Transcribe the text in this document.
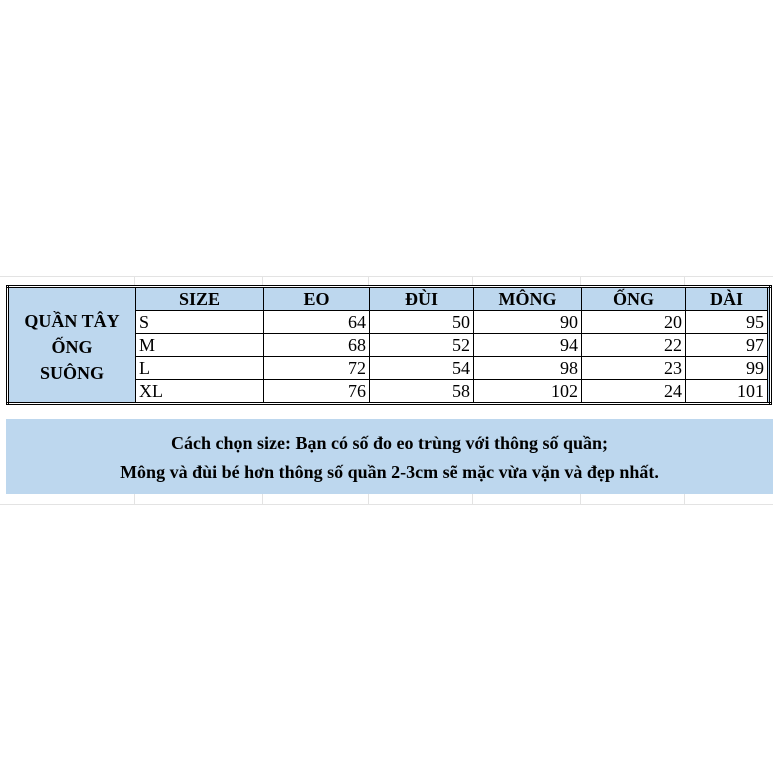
QUẦN TÂY
ỐNG
SUÔNG	SIZE	EO	ĐÙI	MÔNG	ỐNG	DÀI	
	S	64	50	90	20	95	
	M	68	52	94	22	97	
	L	72	54	98	23	99	
	XL	76	58	102	24	101	
Cách chọn size: Bạn có số đo eo trùng với thông số quần;
Mông và đùi bé hơn thông số quần 2-3cm sẽ mặc vừa vặn và đẹp nhất.
